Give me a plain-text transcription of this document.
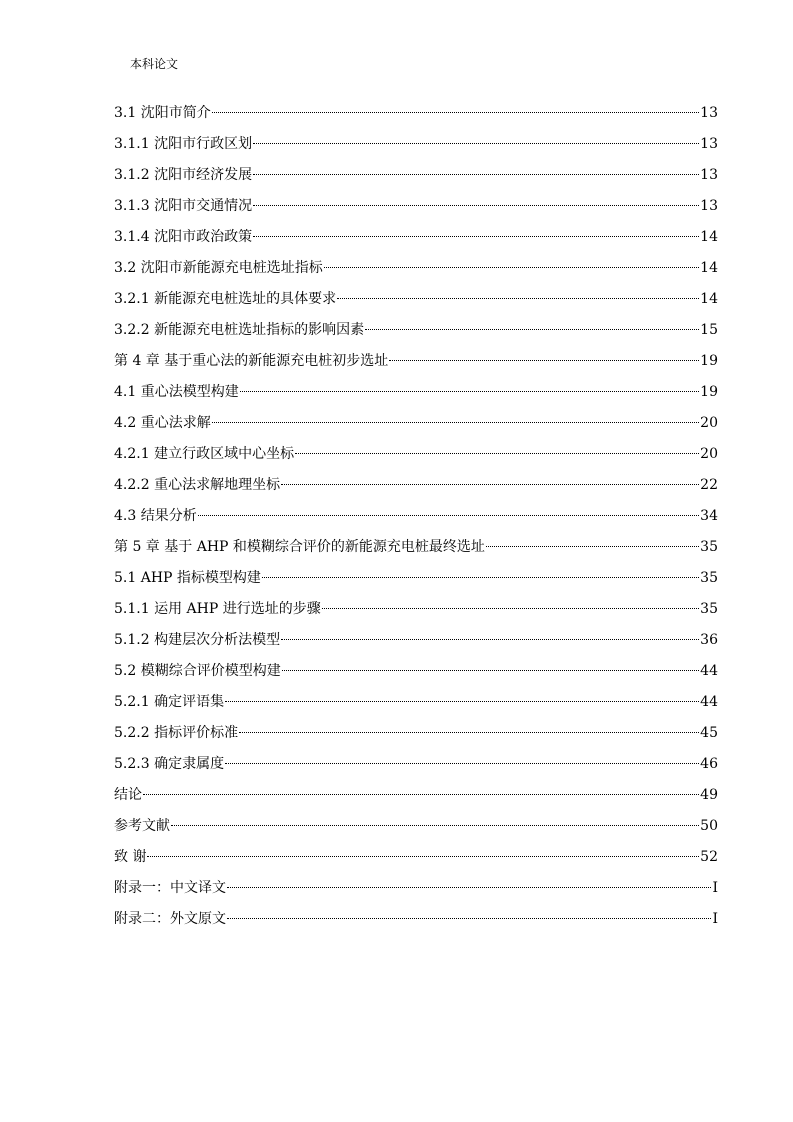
本科论文
3.1 沈阳市简介	13
3.1.1 沈阳市行政区划	13
3.1.2 沈阳市经济发展	13
3.1.3 沈阳市交通情况	13
3.1.4 沈阳市政治政策	14
3.2 沈阳市新能源充电桩选址指标	14
3.2.1 新能源充电桩选址的具体要求	14
3.2.2 新能源充电桩选址指标的影响因素	15
第 4 章 基于重心法的新能源充电桩初步选址	19
4.1 重心法模型构建	19
4.2 重心法求解	20
4.2.1 建立行政区域中心坐标	20
4.2.2 重心法求解地理坐标	22
4.3 结果分析	34
第 5 章 基于 AHP 和模糊综合评价的新能源充电桩最终选址	35
5.1 AHP 指标模型构建	35
5.1.1 运用 AHP 进行选址的步骤	35
5.1.2 构建层次分析法模型	36
5.2 模糊综合评价模型构建	44
5.2.1 确定评语集	44
5.2.2 指标评价标准	45
5.2.3 确定隶属度	46
结论	49
参考文献	50
致 谢	52
附录一：中文译文	I
附录二：外文原文	I
